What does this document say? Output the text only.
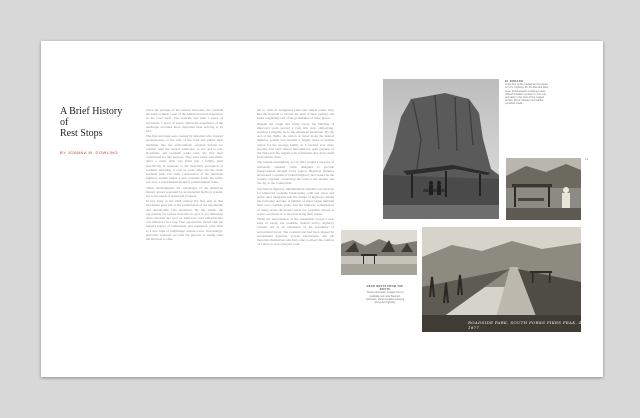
A Brief History of
Rest Stops
BY JOANNA M. DOWLING

Since the passage of the earliest motorists, the roadside has been as much a part of the American travel experience as the road itself. The roadside has been a place of recreation, a place of pause, where the experience of the landscape becomes more important than arriving at its end.

The first rest stops were created by motorists who stopped spontaneously at the side of the road and pulled their machines into the environment: wayside havens for comfort with the natural landscape, to eat, and to rest. Roadsides and roadside parks were the first sites constructed for that purpose. They were rarely advertised. After a rustic table was fitted into a family, built specifically in response to the motorist's perception of roadside shopping, it rose as years after. On the rustic roadside park was built, construction of the Interstate highway system began a new roadside form, the safety rest area, a standardized model of predetermined order.

These developments the advantages of the American historic places espoused by an expanded highway system, not to the needs of speed and progress.

In key entry at the sixth century the first arm of that movement gave rise to the proliferation of the automobile and Automobile Life Roadway. By the 1920s, the opportunity for leisure motorists to spot or accommodate travel became the goal as American road infrastructure was embraced in a way. That opportunity, paired with the nation's legacy of homesteads and expansion, gave birth to a new kind of pilgrimage: leisure travel. Increasingly, motorists ventured out with the purpose of seeing what the land had to offer.

led to, with its designated plans and simple tables, they had the freedom to choose the path of their journey and make a rightfully rest of the grandfather of these places.

Despite the rough and ready travel, the building of improved roads proved a vital first step: embodying, creating a tangible tie to the American landscape. By the end of the 1920s, the notion of travel along the federal highway system had become a largely more accessible option for the average family as it became ever more popular. The land offered motorists the open expanse of the West and the rugged rock formations that drew them from distant cities.

The federal-aid highway act of 1921 sought a network of nationally oriented roads designed to provide transportation through every region. Highway planners envisioned a system of federal highway that would tie the country together, connecting the farm to the market and the city to the countryside.

The federal highway administration remained an advocate for improved roadside landscaping, with rest areas and picnic sites integrated into the design of highways during the following decades. A number of states began building their own roadside parks, and the highway commissions of many states developed plans for waysides placed at scenic overlooks or at intervals along their routes.

While the motorization of the automobile forced a new kind of travel, the roadside, federal policy, highway systems led to an expansion of the popularity of recreational travel. The roadside rest had been shaped by government agencies, private landowners, and the motorists themselves who had come to expect the comfort of a place to stop along the road.

EL DORADO
In the first of the traditional rest stops, on U.S. highway 40, the Bennett Rest Area, built beneath a striking mesa, offered travelers a place to rest, eat, and take in the view of the rugged terrain. Picnic shelters and tables provided shade.
11
NEAR RESTS FROM THE ROUTE
These postcards, images from a roadside rest near Bennett, Colorado, show travelers pausing along the highway.
ROADSIDE PARK, SOUTH FORKS PIKES PEAK, 4-1877
